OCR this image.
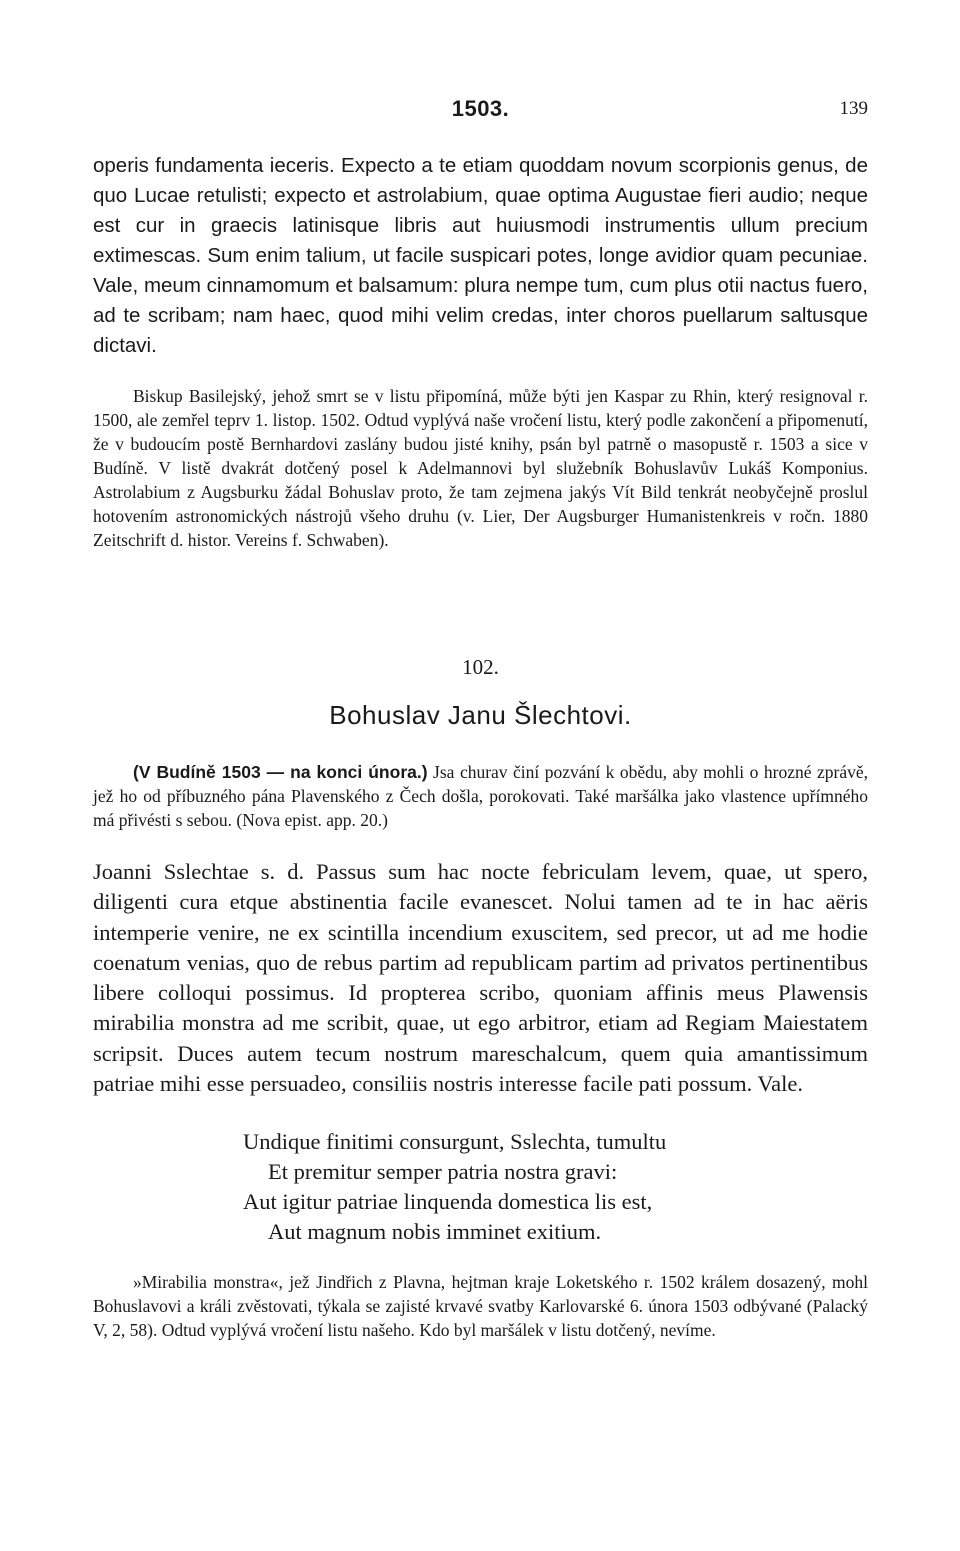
1503.	139
operis fundamenta ieceris. Expecto a te etiam quoddam novum scorpionis genus, de quo Lucae retulisti; expecto et astrolabium, quae optima Augustae fieri audio; neque est cur in graecis latinisque libris aut huiusmodi instrumentis ullum precium extimescas. Sum enim talium, ut facile suspicari potes, longe avidior quam pecuniae. Vale, meum cinnamomum et balsamum: plura nempe tum, cum plus otii nactus fuero, ad te scribam; nam haec, quod mihi velim credas, inter choros puellarum saltusque dictavi.
Biskup Basilejský, jehož smrt se v listu připomíná, může býti jen Kaspar zu Rhin, který resignoval r. 1500, ale zemřel teprv 1. listop. 1502. Odtud vyplývá naše vročení listu, který podle zakončení a připomenutí, že v budoucím postě Bernhardovi zaslány budou jisté knihy, psán byl patrně o masopustě r. 1503 a sice v Budíně. V listě dvakrát dotčený posel k Adelmannovi byl služebník Bohuslavův Lukáš Komponius. Astrolabium z Augsburku žádal Bohuslav proto, že tam zejmena jakýs Vít Bild tenkrát neobyčejně proslul hotovením astronomických nástrojů všeho druhu (v. Lier, Der Augsburger Humanistenkreis v ročn. 1880 Zeitschrift d. histor. Vereins f. Schwaben).
102.
Bohuslav Janu Šlechtovi.
(V Budíně 1503 — na konci února.) Jsa churav činí pozvání k obědu, aby mohli o hrozné zprávě, jež ho od příbuzného pána Plavenského z Čech došla, porokovati. Také maršálka jako vlastence upřímného má přivésti s sebou. (Nova epist. app. 20.)
Joanni Sslechtae s. d. Passus sum hac nocte febriculam levem, quae, ut spero, diligenti cura etque abstinentia facile evanescet. Nolui tamen ad te in hac aëris intemperie venire, ne ex scintilla incendium exuscitem, sed precor, ut ad me hodie coenatum venias, quo de rebus partim ad republicam partim ad privatos pertinentibus libere colloqui possimus. Id propterea scribo, quoniam affinis meus Plawensis mirabilia monstra ad me scribit, quae, ut ego arbitror, etiam ad Regiam Maiestatem scripsit. Duces autem tecum nostrum mareschalcum, quem quia amantissimum patriae mihi esse persuadeo, consiliis nostris interesse facile pati possum. Vale.
Undique finitimi consurgunt, Sslechta, tumultu
Et premitur semper patria nostra gravi:
Aut igitur patriae linquenda domestica lis est,
Aut magnum nobis imminet exitium.
»Mirabilia monstra«, jež Jindřich z Plavna, hejtman kraje Loketského r. 1502 králem dosazený, mohl Bohuslavovi a králi zvěstovati, týkala se zajisté krvavé svatby Karlovarské 6. února 1503 odbývané (Palacký V, 2, 58). Odtud vyplývá vročení listu našeho. Kdo byl maršálek v listu dotčený, nevíme.
